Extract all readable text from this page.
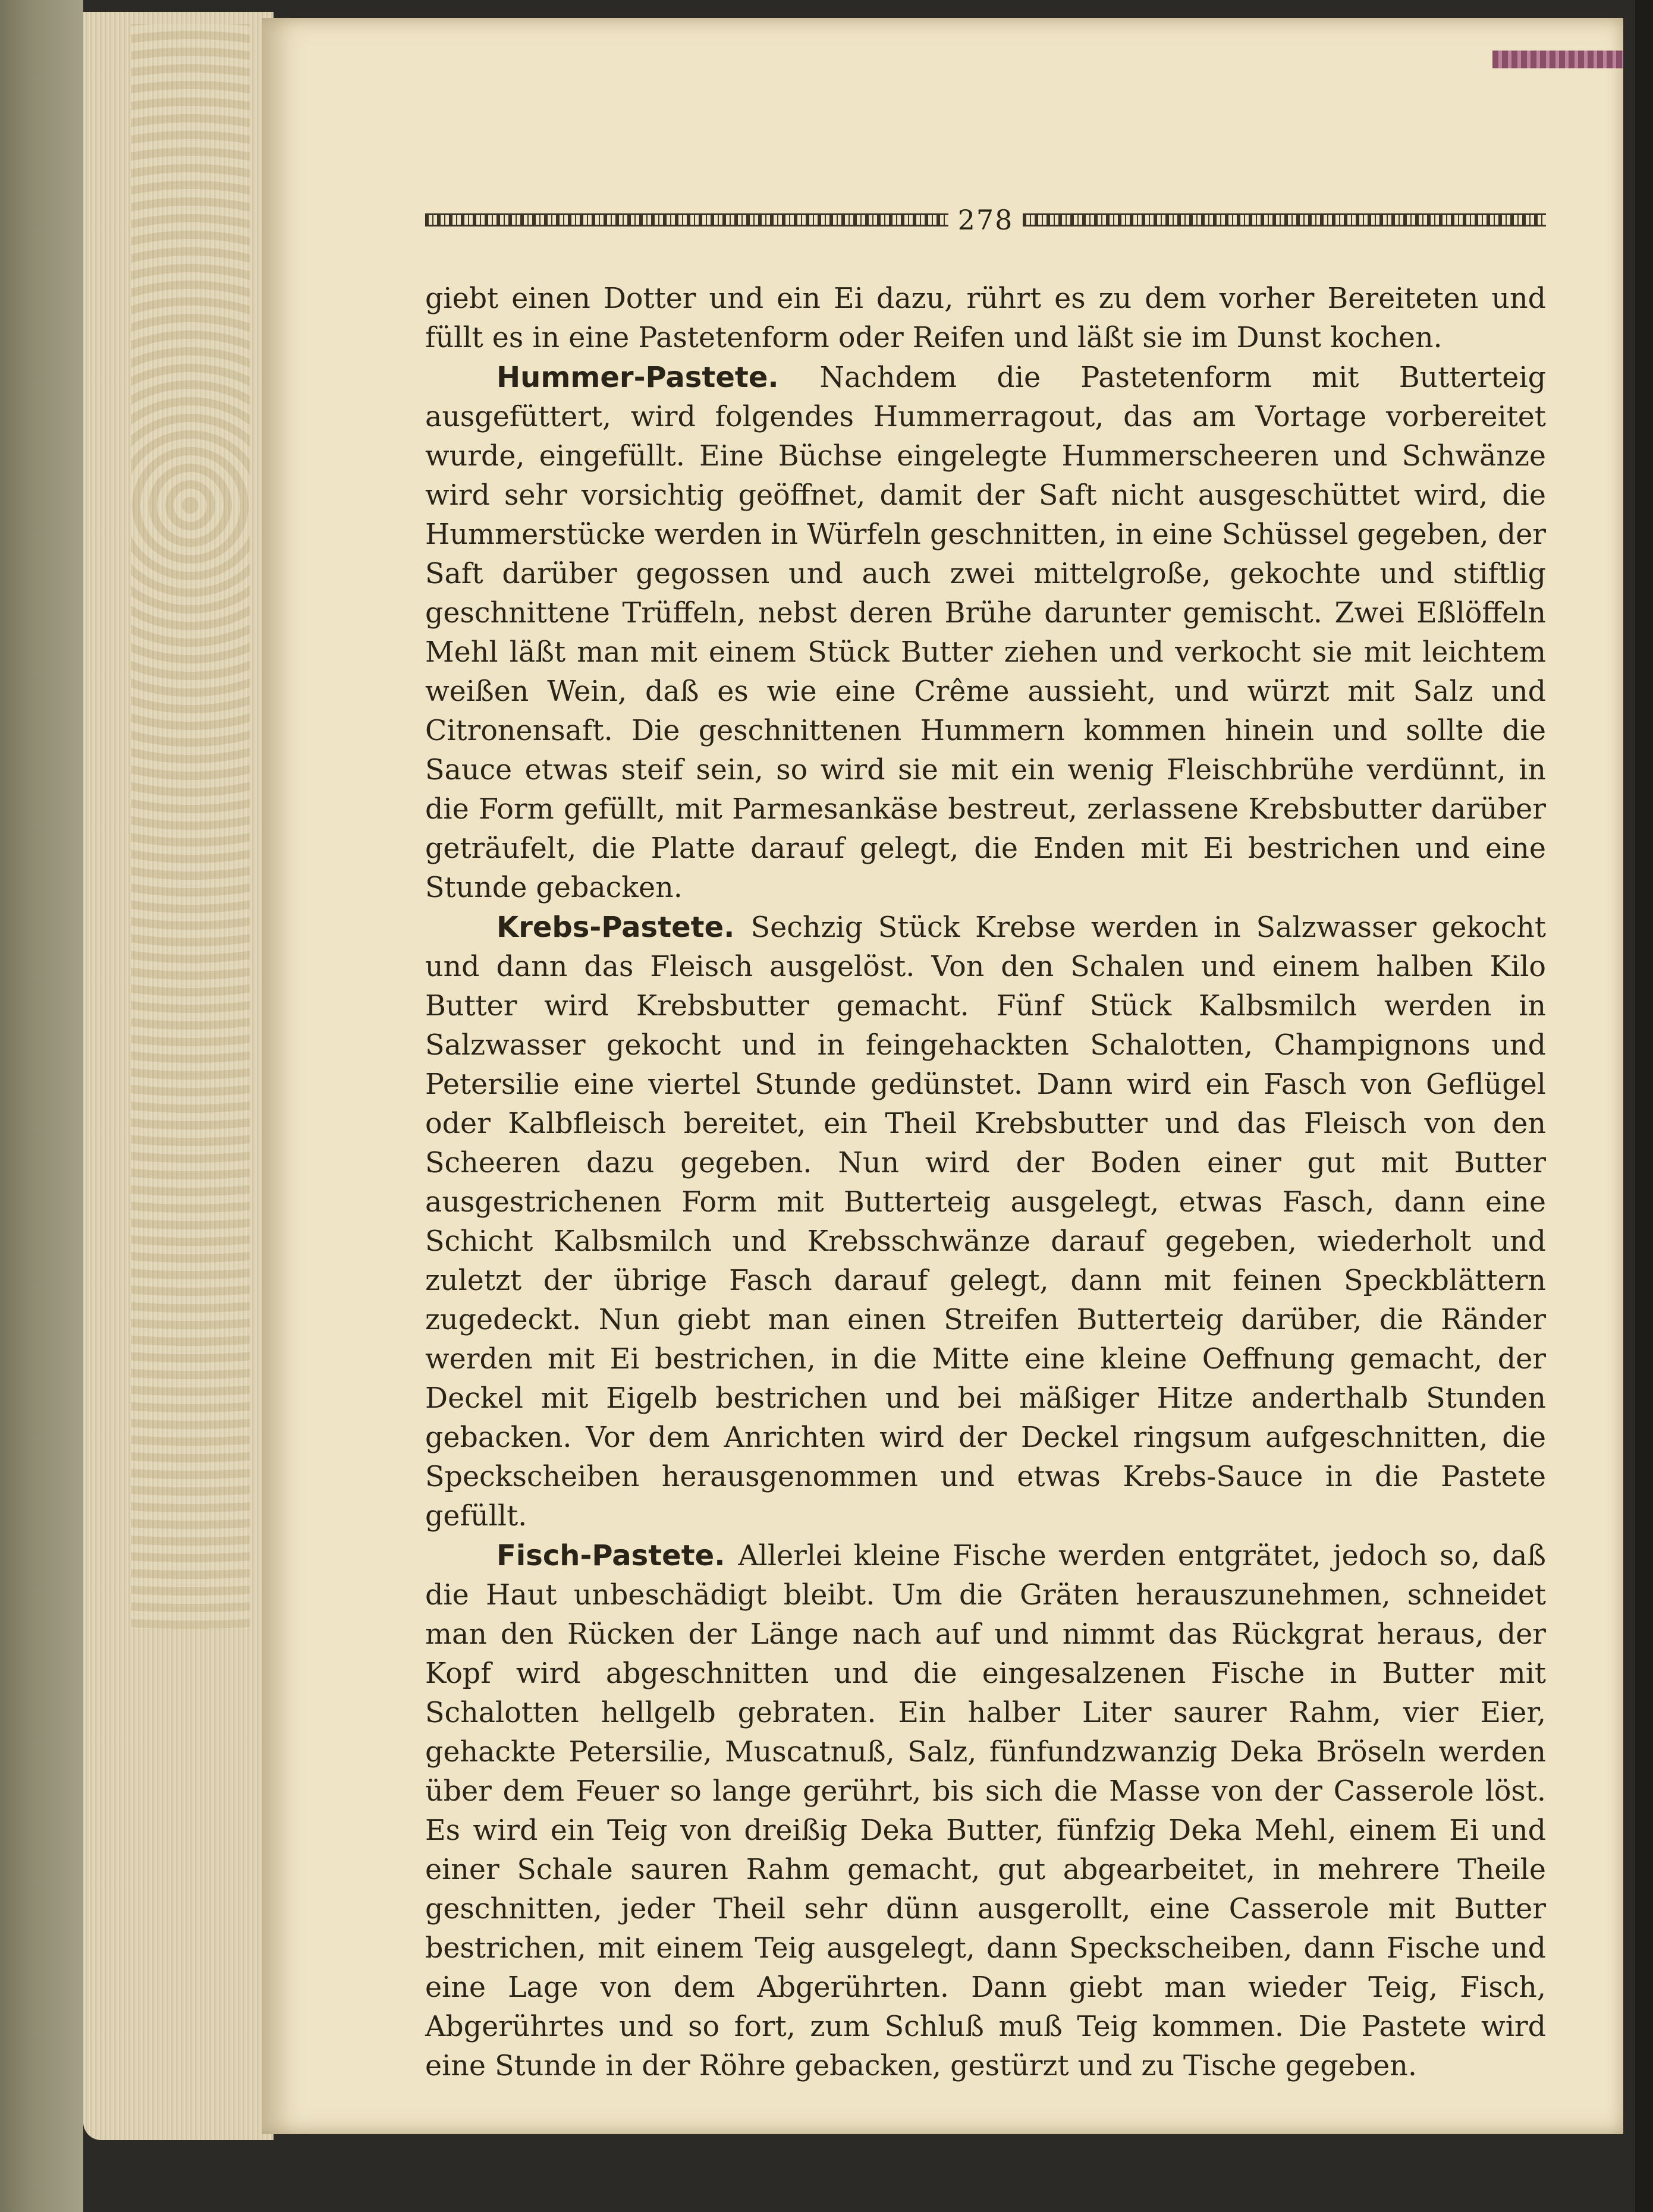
278

giebt einen Dotter und ein Ei dazu, rührt es zu dem vorher Bereiteten und füllt es in eine Pastetenform oder Reifen und läßt sie im Dunst kochen.

Hummer-Pastete. Nachdem die Pastetenform mit Butterteig ausgefüttert, wird folgendes Hummerragout, das am Vortage vorbereitet wurde, eingefüllt. Eine Büchse eingelegte Hummerscheeren und Schwänze wird sehr vorsichtig geöffnet, damit der Saft nicht ausgeschüttet wird, die Hummerstücke werden in Würfeln geschnitten, in eine Schüssel gegeben, der Saft darüber gegossen und auch zwei mittelgroße, gekochte und stiftlig geschnittene Trüffeln, nebst deren Brühe darunter gemischt. Zwei Eßlöffeln Mehl läßt man mit einem Stück Butter ziehen und verkocht sie mit leichtem weißen Wein, daß es wie eine Crême aussieht, und würzt mit Salz und Citronensaft. Die geschnittenen Hummern kommen hinein und sollte die Sauce etwas steif sein, so wird sie mit ein wenig Fleischbrühe verdünnt, in die Form gefüllt, mit Parmesankäse bestreut, zerlassene Krebsbutter darüber geträufelt, die Platte darauf gelegt, die Enden mit Ei bestrichen und eine Stunde gebacken.

Krebs-Pastete. Sechzig Stück Krebse werden in Salzwasser gekocht und dann das Fleisch ausgelöst. Von den Schalen und einem halben Kilo Butter wird Krebsbutter gemacht. Fünf Stück Kalbsmilch werden in Salzwasser gekocht und in feingehackten Schalotten, Champignons und Petersilie eine viertel Stunde gedünstet. Dann wird ein Fasch von Geflügel oder Kalbfleisch bereitet, ein Theil Krebsbutter und das Fleisch von den Scheeren dazu gegeben. Nun wird der Boden einer gut mit Butter ausgestrichenen Form mit Butterteig ausgelegt, etwas Fasch, dann eine Schicht Kalbsmilch und Krebsschwänze darauf gegeben, wiederholt und zuletzt der übrige Fasch darauf gelegt, dann mit feinen Speckblättern zugedeckt. Nun giebt man einen Streifen Butterteig darüber, die Ränder werden mit Ei bestrichen, in die Mitte eine kleine Oeffnung gemacht, der Deckel mit Eigelb bestrichen und bei mäßiger Hitze anderthalb Stunden gebacken. Vor dem Anrichten wird der Deckel ringsum aufgeschnitten, die Speckscheiben herausgenommen und etwas Krebs-Sauce in die Pastete gefüllt.

Fisch-Pastete. Allerlei kleine Fische werden entgrätet, jedoch so, daß die Haut unbeschädigt bleibt. Um die Gräten herauszunehmen, schneidet man den Rücken der Länge nach auf und nimmt das Rückgrat heraus, der Kopf wird abgeschnitten und die eingesalzenen Fische in Butter mit Schalotten hellgelb gebraten. Ein halber Liter saurer Rahm, vier Eier, gehackte Petersilie, Muscatnuß, Salz, fünfundzwanzig Deka Bröseln werden über dem Feuer so lange gerührt, bis sich die Masse von der Casserole löst. Es wird ein Teig von dreißig Deka Butter, fünfzig Deka Mehl, einem Ei und einer Schale sauren Rahm gemacht, gut abgearbeitet, in mehrere Theile geschnitten, jeder Theil sehr dünn ausgerollt, eine Casserole mit Butter bestrichen, mit einem Teig ausgelegt, dann Speckscheiben, dann Fische und eine Lage von dem Abgerührten. Dann giebt man wieder Teig, Fisch, Abgerührtes und so fort, zum Schluß muß Teig kommen. Die Pastete wird eine Stunde in der Röhre gebacken, gestürzt und zu Tische gegeben.
